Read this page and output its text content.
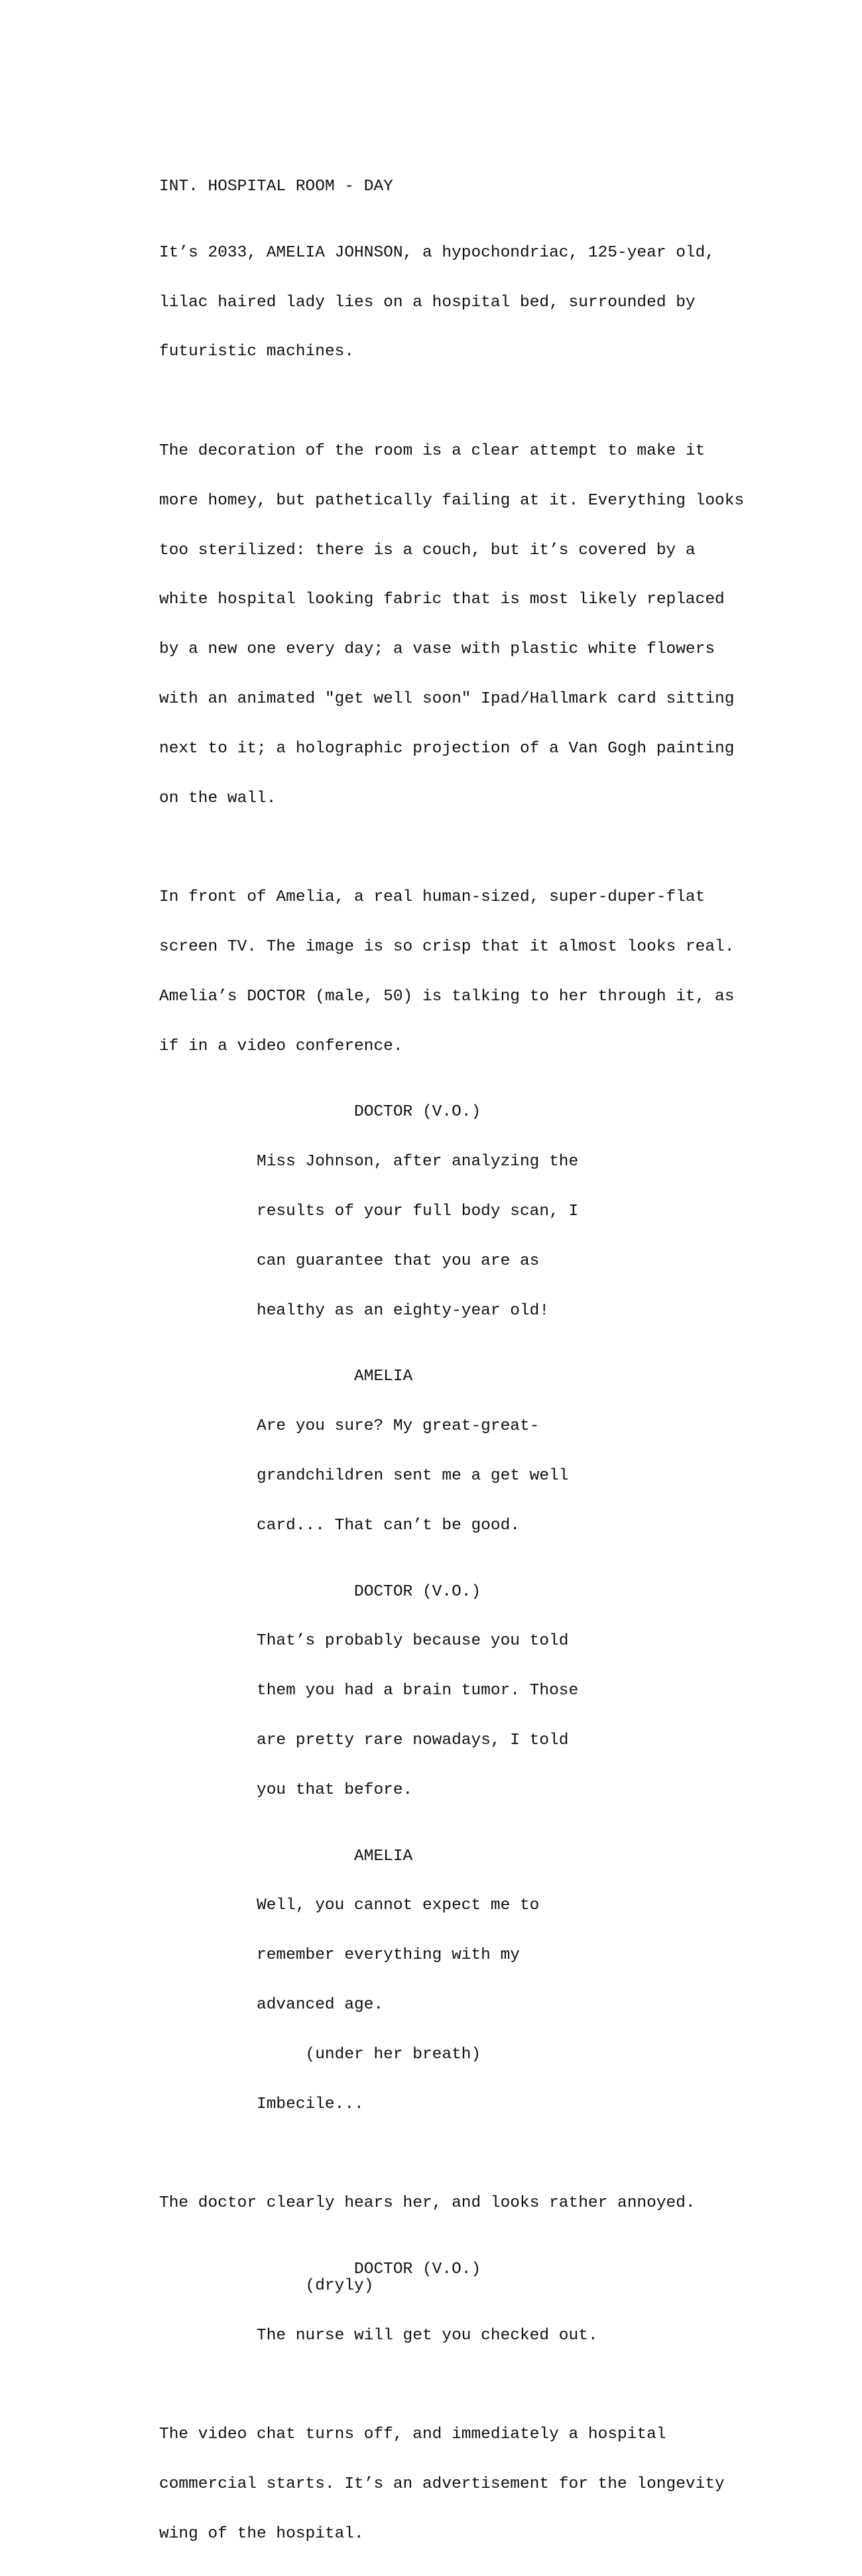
INT. HOSPITAL ROOM - DAY

It’s 2033, AMELIA JOHNSON, a hypochondriac, 125-year old,

lilac haired lady lies on a hospital bed, surrounded by

futuristic machines.

The decoration of the room is a clear attempt to make it

more homey, but pathetically failing at it. Everything looks

too sterilized: there is a couch, but it’s covered by a

white hospital looking fabric that is most likely replaced

by a new one every day; a vase with plastic white flowers

with an animated "get well soon" Ipad/Hallmark card sitting

next to it; a holographic projection of a Van Gogh painting

on the wall.

In front of Amelia, a real human-sized, super-duper-flat

screen TV. The image is so crisp that it almost looks real.

Amelia’s DOCTOR (male, 50) is talking to her through it, as

if in a video conference.

DOCTOR (V.O.)

Miss Johnson, after analyzing the

results of your full body scan, I

can guarantee that you are as

healthy as an eighty-year old!

AMELIA

Are you sure? My great-great-

grandchildren sent me a get well

card... That can’t be good.

DOCTOR (V.O.)

That’s probably because you told

them you had a brain tumor. Those

are pretty rare nowadays, I told

you that before.

AMELIA

Well, you cannot expect me to

remember everything with my

advanced age.

(under her breath)

Imbecile...

The doctor clearly hears her, and looks rather annoyed.

DOCTOR (V.O.)
(dryly)

The nurse will get you checked out.

The video chat turns off, and immediately a hospital

commercial starts. It’s an advertisement for the longevity

wing of the hospital.
